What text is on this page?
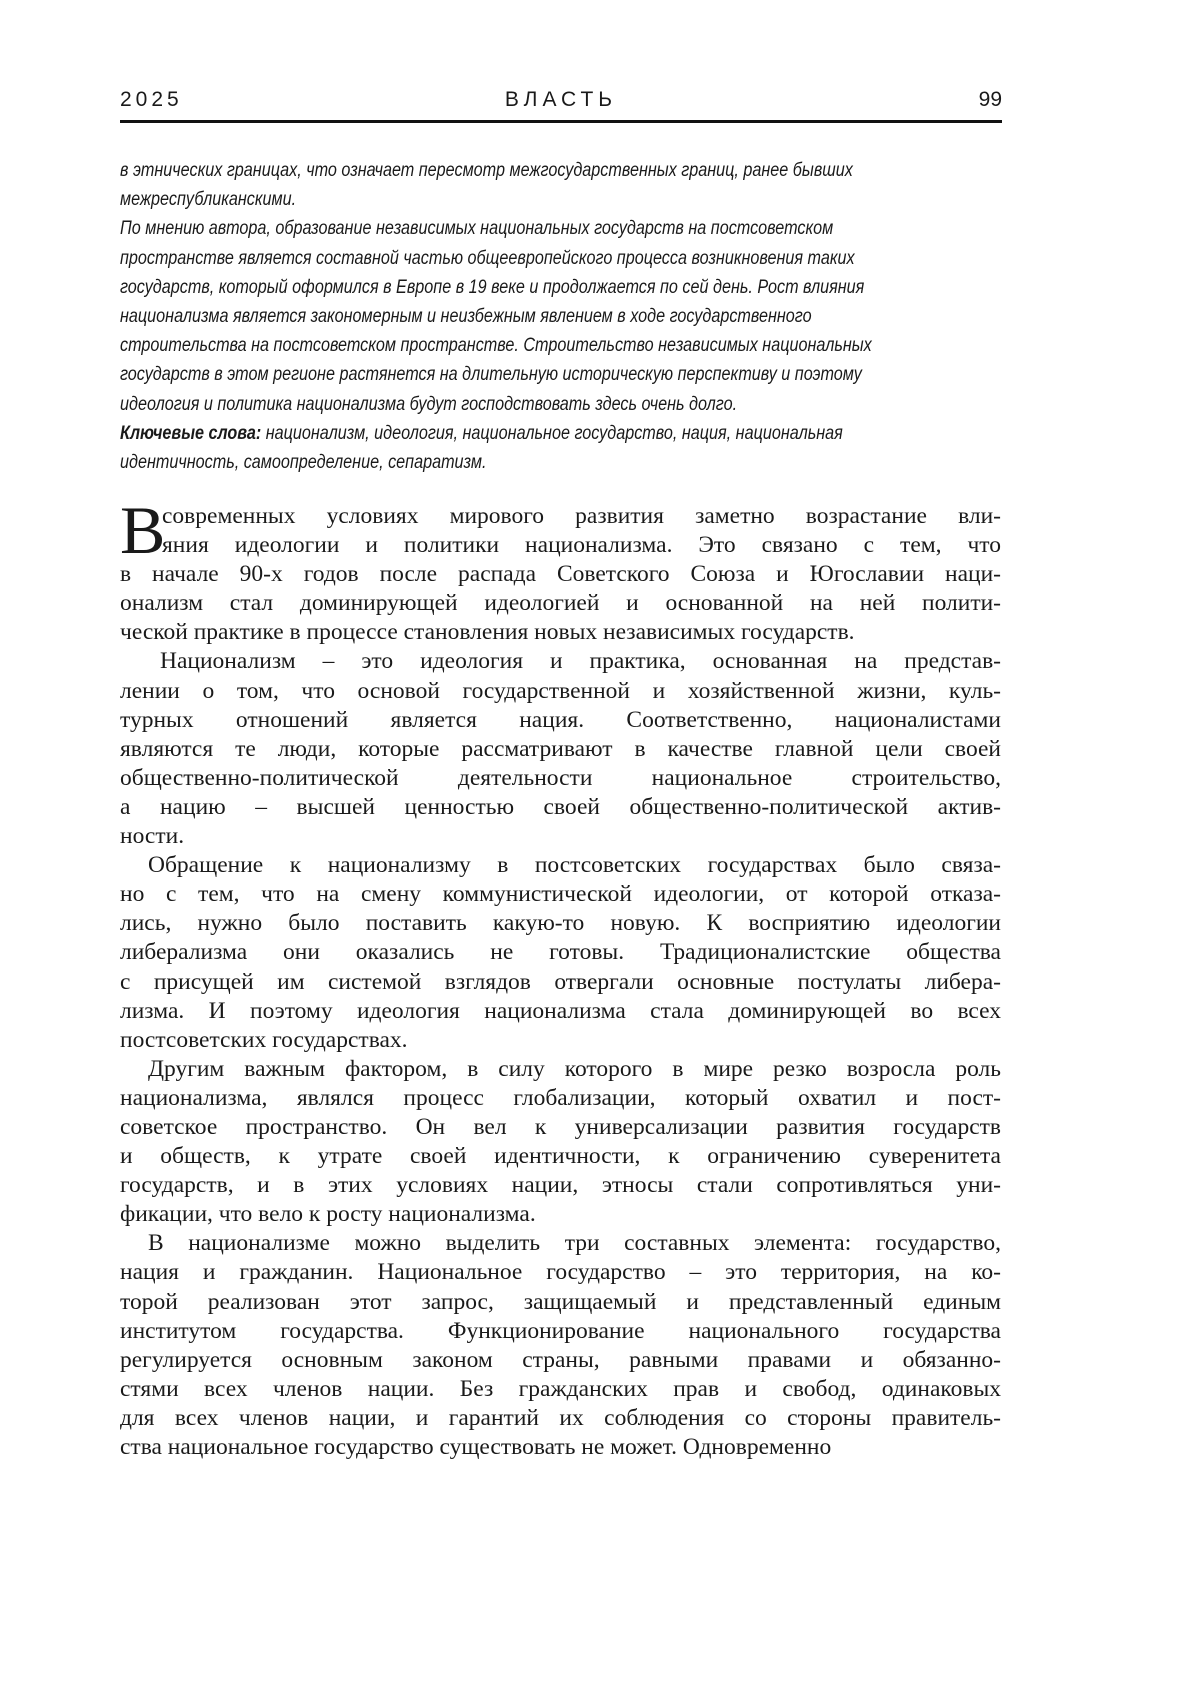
2025	ВЛАСТЬ	99
в этнических границах, что означает пересмотр межгосударственных границ, ранее бывших
межреспубликанскими.
По мнению автора, образование независимых национальных государств на постсоветском
пространстве является составной частью общеевропейского процесса возникновения таких
государств, который оформился в Европе в 19 веке и продолжается по сей день. Рост влияния
национализма является закономерным и неизбежным явлением в ходе государственного
строительства на постсоветском пространстве. Строительство независимых национальных
государств в этом регионе растянется на длительную историческую перспективу и поэтому
идеология и политика национализма будут господствовать здесь очень долго.
Ключевые слова: национализм, идеология, национальное государство, нация, национальная
идентичность, самоопределение, сепаратизм.
В
современных условиях мирового развития заметно возрастание вли-
яния идеологии и политики национализма. Это связано с тем, что
в начале 90-х годов после распада Советского Союза и Югославии наци-
онализм стал доминирующей идеологией и основанной на ней полити-
ческой практике в процессе становления новых независимых государств.
Национализм – это идеология и практика, основанная на представ-
лении о том, что основой государственной и хозяйственной жизни, куль-
турных отношений является нация. Соответственно, националистами
являются те люди, которые рассматривают в качестве главной цели своей
общественно-политической деятельности национальное строительство,
а нацию – высшей ценностью своей общественно-политической актив-
ности.
Обращение к национализму в постсоветских государствах было связа-
но с тем, что на смену коммунистической идеологии, от которой отказа-
лись, нужно было поставить какую-то новую. К восприятию идеологии
либерализма они оказались не готовы. Традиционалистские общества
с присущей им системой взглядов отвергали основные постулаты либера-
лизма. И поэтому идеология национализма стала доминирующей во всех
постсоветских государствах.
Другим важным фактором, в силу которого в мире резко возросла роль
национализма, являлся процесс глобализации, который охватил и пост-
советское пространство. Он вел к универсализации развития государств
и обществ, к утрате своей идентичности, к ограничению суверенитета
государств, и в этих условиях нации, этносы стали сопротивляться уни-
фикации, что вело к росту национализма.
В национализме можно выделить три составных элемента: государство,
нация и гражданин. Национальное государство – это территория, на ко-
торой реализован этот запрос, защищаемый и представленный единым
институтом государства. Функционирование национального государства
регулируется основным законом страны, равными правами и обязанно-
стями всех членов нации. Без гражданских прав и свобод, одинаковых
для всех членов нации, и гарантий их соблюдения со стороны правитель-
ства национальное государство существовать не может. Одновременно
